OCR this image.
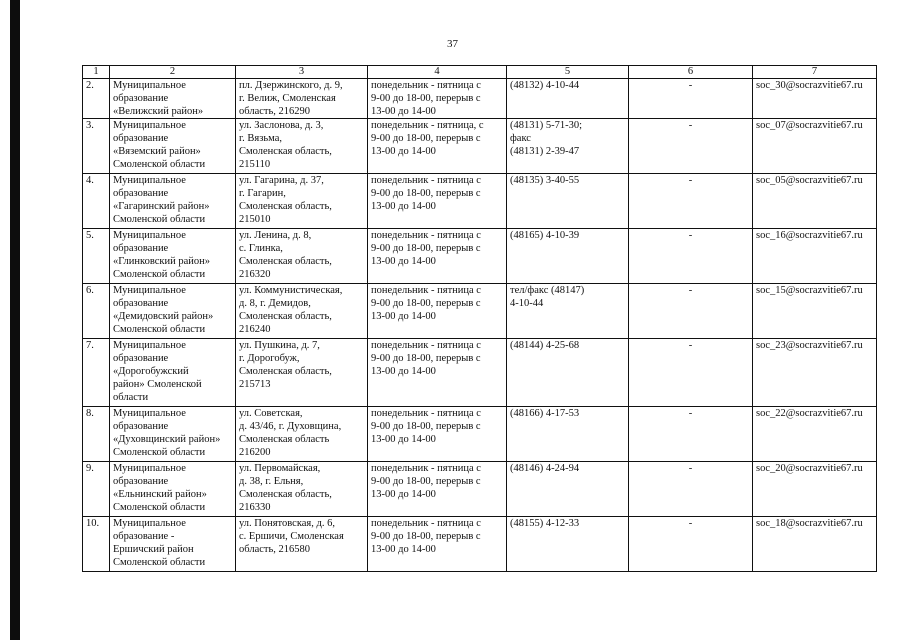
37
1	2	3	4	5	6	7
2.	Муниципальное
образование
«Велижский район»	пл. Дзержинского, д. 9,
г. Велиж, Смоленская
область, 216290	понедельник - пятница с
9-00 до 18-00, перерыв с
13-00 до 14-00	(48132) 4-10-44	-	soc_30@socrazvitie67.ru
3.	Муниципальное
образование
«Вяземский район»
Смоленской области	ул. Заслонова, д. 3,
г. Вязьма,
Смоленская область,
215110	понедельник - пятница, с
9-00 до 18-00, перерыв с
13-00 до 14-00	(48131) 5-71-30;
факс
(48131) 2-39-47	-	soc_07@socrazvitie67.ru
4.	Муниципальное
образование
«Гагаринский район»
Смоленской области	ул. Гагарина, д. 37,
г. Гагарин,
Смоленская область,
215010	понедельник - пятница с
9-00 до 18-00, перерыв с
13-00 до 14-00	(48135) 3-40-55	-	soc_05@socrazvitie67.ru
5.	Муниципальное
образование
«Глинковский район»
Смоленской области	ул. Ленина, д. 8,
с. Глинка,
Смоленская область,
216320	понедельник - пятница с
9-00 до 18-00, перерыв с
13-00 до 14-00	(48165) 4-10-39	-	soc_16@socrazvitie67.ru
6.	Муниципальное
образование
«Демидовский район»
Смоленской области	ул. Коммунистическая,
д. 8, г. Демидов,
Смоленская область,
216240	понедельник - пятница с
9-00 до 18-00, перерыв с
13-00 до 14-00	тел/факс (48147)
4-10-44	-	soc_15@socrazvitie67.ru
7.	Муниципальное
образование
«Дорогобужский
район» Смоленской
области	ул. Пушкина, д. 7,
г. Дорогобуж,
Смоленская область,
215713	понедельник - пятница с
9-00 до 18-00, перерыв с
13-00 до 14-00	(48144) 4-25-68	-	soc_23@socrazvitie67.ru
8.	Муниципальное
образование
«Духовщинский район»
Смоленской области	ул. Советская,
д. 43/46, г. Духовщина,
Смоленская область
216200	понедельник - пятница с
9-00 до 18-00, перерыв с
13-00 до 14-00	(48166) 4-17-53	-	soc_22@socrazvitie67.ru
9.	Муниципальное
образование
«Ельнинский район»
Смоленской области	ул. Первомайская,
д. 38, г. Ельня,
Смоленская область,
216330	понедельник - пятница с
9-00 до 18-00, перерыв с
13-00 до 14-00	(48146) 4-24-94	-	soc_20@socrazvitie67.ru
10.	Муниципальное
образование -
Ершичский район
Смоленской области	ул. Понятовская, д. 6,
с. Ершичи, Смоленская
область, 216580	понедельник - пятница с
9-00 до 18-00, перерыв с
13-00 до 14-00	(48155) 4-12-33	-	soc_18@socrazvitie67.ru
